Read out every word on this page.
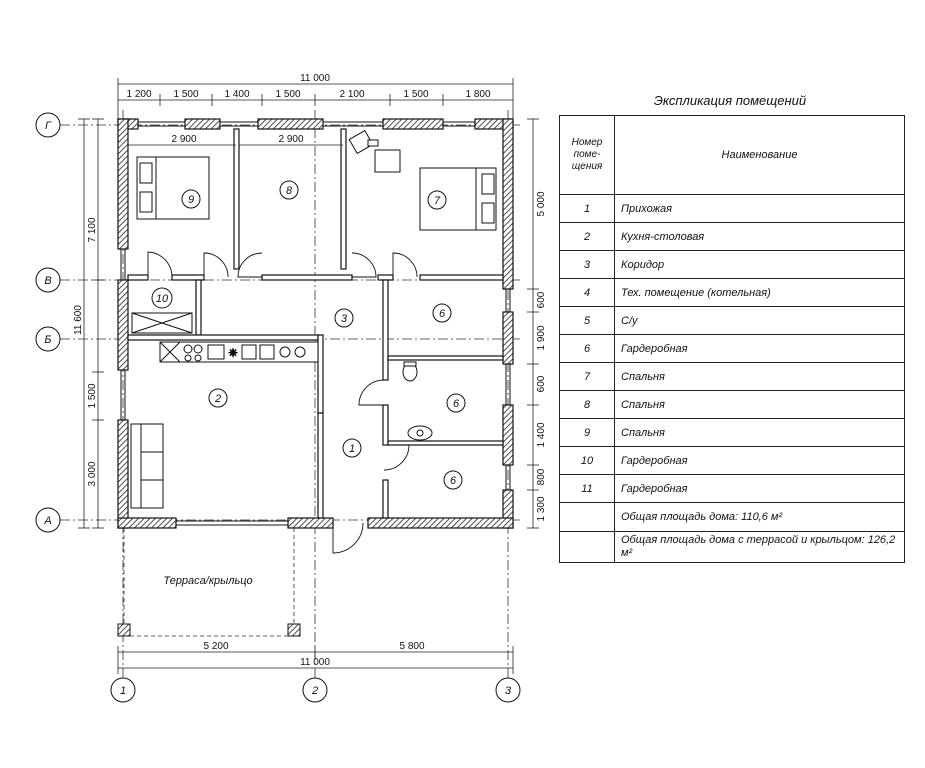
✷
Терраса/крыльцо
9
8
7
10
3	6
2	6
1
6
11 000
1 200 1 500	1 400	1 500	2 100	1 500	1 800
2 900	2 900
7 100
11 600
1 500
3 000
5 000
600
1 900
600
1 400
800
1 300
5 200	5 800
11 000
Г
В
Б
А
1	2	3
Экспликация помещений
Номер поме-щения	Наименование
1	Прихожая
2	Кухня-столовая
3	Коридор
4	Тех. помещение (котельная)
5	С/у
6	Гардеробная
7	Спальня
8	Спальня
9	Спальня
10	Гардеробная
11	Гардеробная
	Общая площадь дома: 110,6 м²
	Общая площадь дома с террасой и крыльцом: 126,2 м²
